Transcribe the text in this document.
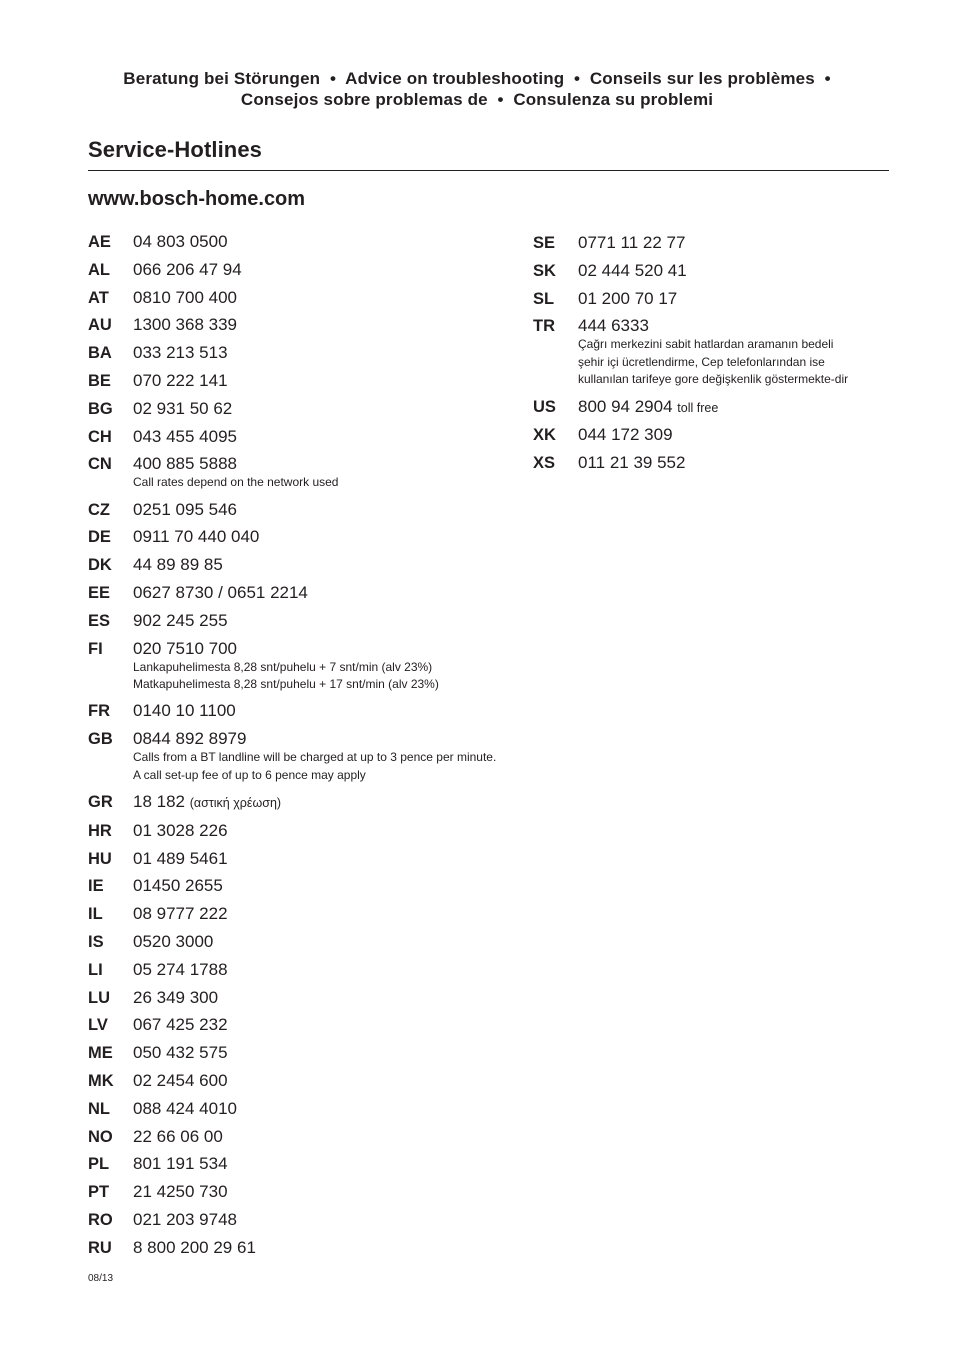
Beratung bei Störungen  •  Advice on troubleshooting  •  Conseils sur les problèmes  •
Consejos sobre problemas de  •  Consulenza su problemi
Service-Hotlines
www.bosch-home.com
AE	04 803 0500
AL	066 206 47 94
AT	0810 700 400
AU	1300 368 339
BA	033 213 513
BE	070 222 141
BG	02 931 50 62
CH	043 455 4095
CN	400 885 5888
Call rates depend on the network used
CZ	0251 095 546
DE	0911 70 440 040
DK	44 89 89 85
EE	0627 8730 / 0651 2214
ES	902 245 255
FI	020 7510 700
Lankapuhelimesta 8,28 snt/puhelu + 7 snt/min (alv 23%)
Matkapuhelimesta 8,28 snt/puhelu + 17 snt/min (alv 23%)
FR	0140 10 1100
GB	0844 892 8979
Calls from a BT landline will be charged at up to 3 pence per minute.
A call set-up fee of up to 6 pence may apply
GR	18 182 (αστική χρέωση)
HR	01 3028 226
HU	01 489 5461
IE	01450 2655
IL	08 9777 222
IS	0520 3000
LI	05 274 1788
LU	26 349 300
LV	067 425 232
ME	050 432 575
MK	02 2454 600
NL	088 424 4010
NO	22 66 06 00
PL	801 191 534
PT	21 4250 730
RO	021 203 9748
RU	8 800 200 29 61
SE	0771 11 22 77
SK	02 444 520 41
SL	01 200 70 17
TR	444 6333
Çağrı merkezini sabit hatlardan aramanın bedeli
şehir içi ücretlendirme, Cep telefonlarından ise
kullanılan tarifeye gore değişkenlik göstermekte-dir
US	800 94 2904 toll free
XK	044 172 309
XS	011 21 39 552
08/13
